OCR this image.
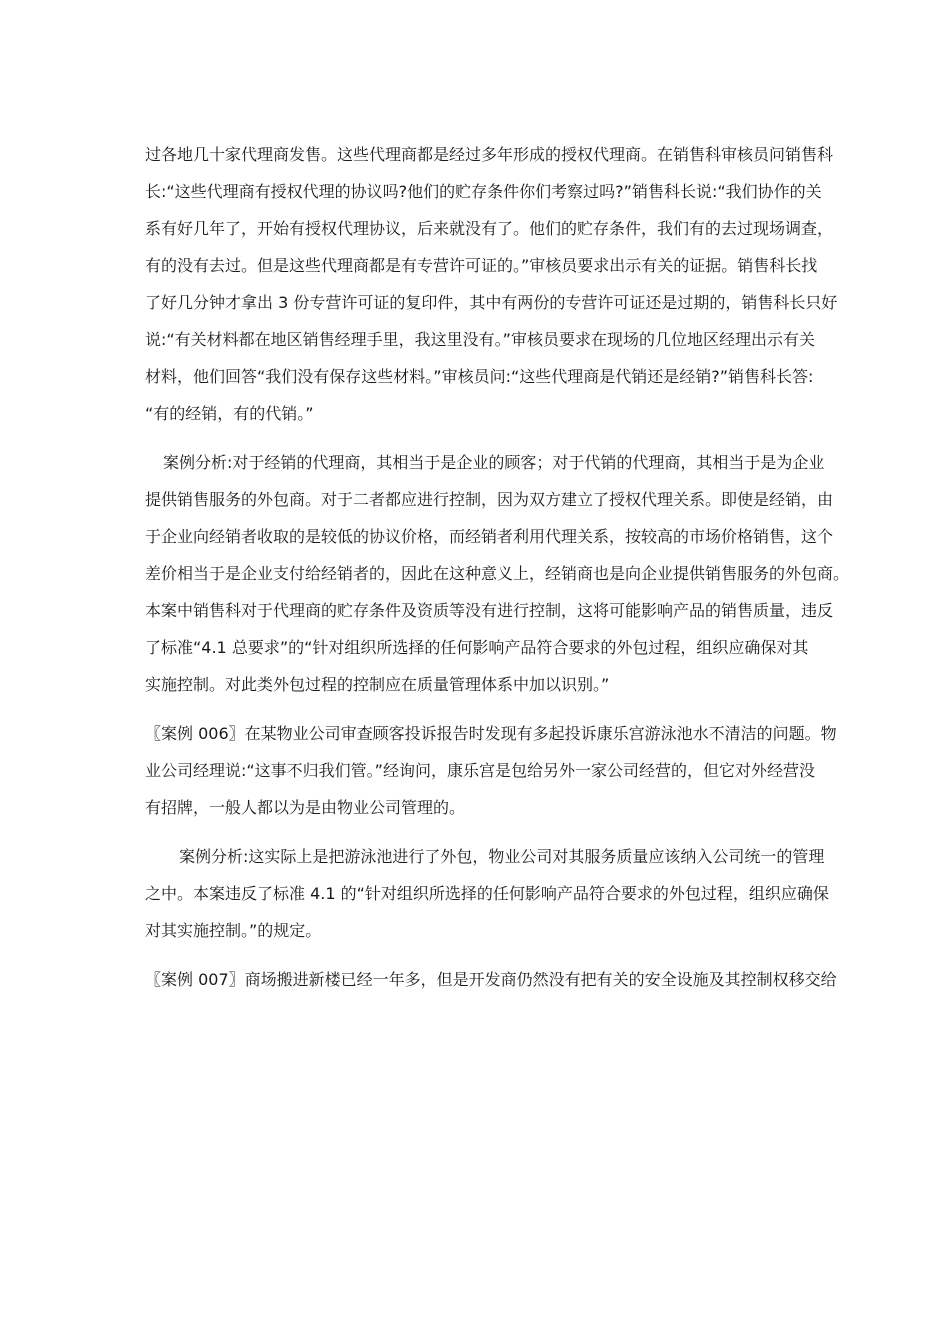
过各地几十家代理商发售。这些代理商都是经过多年形成的授权代理商。在销售科审核员问销售科
长:“这些代理商有授权代理的协议吗?他们的贮存条件你们考察过吗?”销售科长说:“我们协作的关
系有好几年了，开始有授权代理协议，后来就没有了。他们的贮存条件，我们有的去过现场调查，
有的没有去过。但是这些代理商都是有专营许可证的。”审核员要求出示有关的证据。销售科长找
了好几分钟才拿出 3 份专营许可证的复印件，其中有两份的专营许可证还是过期的，销售科长只好
说:“有关材料都在地区销售经理手里，我这里没有。”审核员要求在现场的几位地区经理出示有关
材料，他们回答“我们没有保存这些材料。”审核员问:“这些代理商是代销还是经销?”销售科长答:
“有的经销，有的代销。”
案例分析:对于经销的代理商，其相当于是企业的顾客；对于代销的代理商，其相当于是为企业
提供销售服务的外包商。对于二者都应进行控制，因为双方建立了授权代理关系。即使是经销，由
于企业向经销者收取的是较低的协议价格，而经销者利用代理关系，按较高的市场价格销售，这个
差价相当于是企业支付给经销者的，因此在这种意义上，经销商也是向企业提供销售服务的外包商。
本案中销售科对于代理商的贮存条件及资质等没有进行控制，这将可能影响产品的销售质量，违反
了标准“4.1 总要求”的“针对组织所选择的任何影响产品符合要求的外包过程，组织应确保对其
实施控制。对此类外包过程的控制应在质量管理体系中加以识别。”
〖案例 006〗在某物业公司审查顾客投诉报告时发现有多起投诉康乐宫游泳池水不清洁的问题。物
业公司经理说:“这事不归我们管。”经询问，康乐宫是包给另外一家公司经营的，但它对外经营没
有招牌，一般人都以为是由物业公司管理的。
案例分析:这实际上是把游泳池进行了外包，物业公司对其服务质量应该纳入公司统一的管理
之中。本案违反了标准 4.1 的“针对组织所选择的任何影响产品符合要求的外包过程，组织应确保
对其实施控制。”的规定。
〖案例 007〗商场搬进新楼已经一年多，但是开发商仍然没有把有关的安全设施及其控制权移交给
